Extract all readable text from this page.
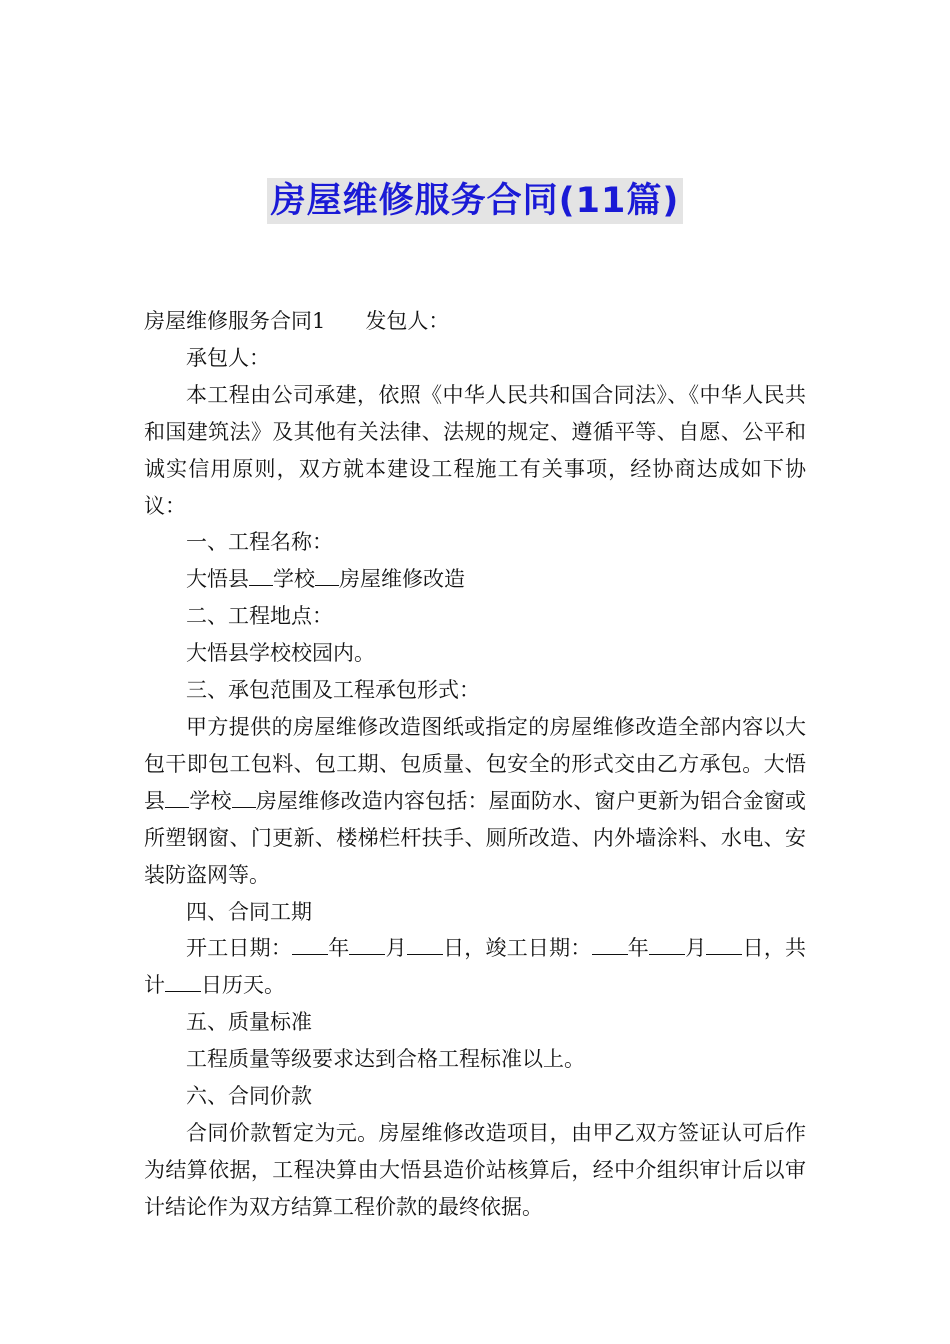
房屋维修服务合同(11篇)

房屋维修服务合同1 发包人：

承包人：

本工程由公司承建，依照《中华人民共和国合同法》、《中华人民共和国建筑法》及其他有关法律、法规的规定、遵循平等、自愿、公平和诚实信用原则，双方就本建设工程施工有关事项，经协商达成如下协议：

一、工程名称：

大悟县 学校 房屋维修改造

二、工程地点：

大悟县学校校园内。

三、承包范围及工程承包形式：

甲方提供的房屋维修改造图纸或指定的房屋维修改造全部内容以大包干即包工包料、包工期、包质量、包安全的形式交由乙方承包。大悟县 学校 房屋维修改造内容包括：屋面防水、窗户更新为铝合金窗或所塑钢窗、门更新、楼梯栏杆扶手、厕所改造、内外墙涂料、水电、安装防盗网等。

四、合同工期

开工日期： 年 月 日，竣工日期： 年 月 日，共计 日历天。

五、质量标准

工程质量等级要求达到合格工程标准以上。

六、合同价款

合同价款暂定为元。房屋维修改造项目，由甲乙双方签证认可后作为结算依据，工程决算由大悟县造价站核算后，经中介组织审计后以审计结论作为双方结算工程价款的最终依据。
